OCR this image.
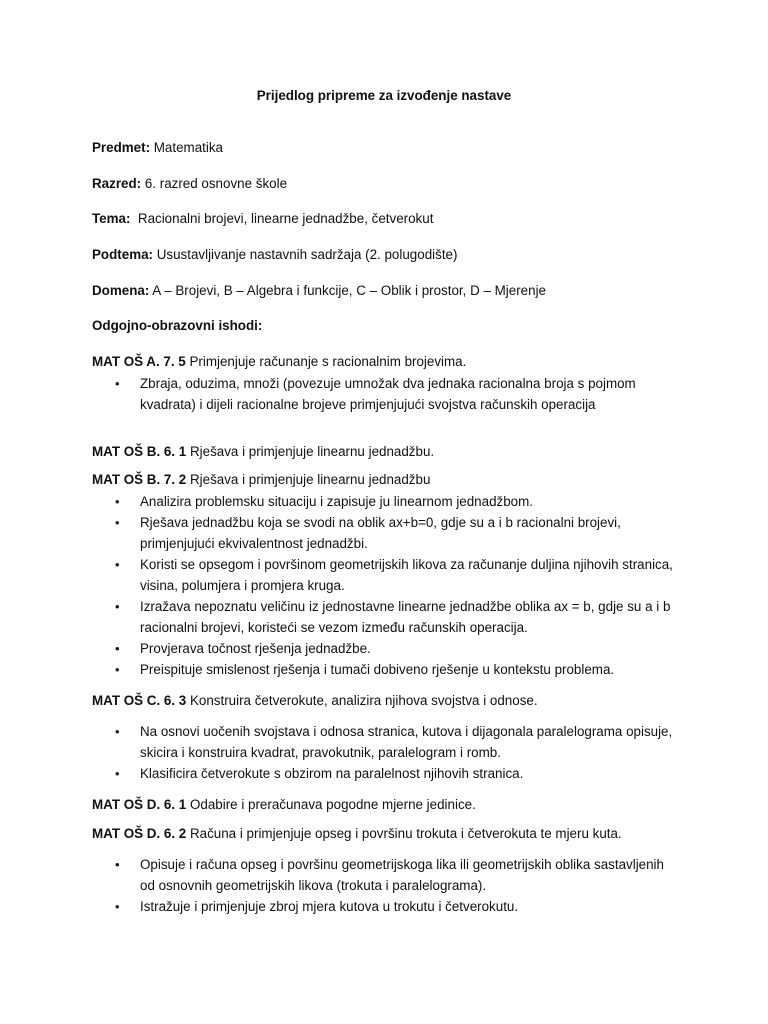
Prijedlog pripreme za izvođenje nastave
Predmet: Matematika
Razred: 6. razred osnovne škole
Tema:  Racionalni brojevi, linearne jednadžbe, četverokut
Podtema: Usustavljivanje nastavnih sadržaja (2. polugodište)
Domena: A – Brojevi, B – Algebra i funkcije, C – Oblik i prostor, D – Mjerenje
Odgojno-obrazovni ishodi:
MAT OŠ A. 7. 5 Primjenjuje računanje s racionalnim brojevima.
• Zbraja, oduzima, množi (povezuje umnožak dva jednaka racionalna broja s pojmom kvadrata) i dijeli racionalne brojeve primjenjujući svojstva računskih operacija
MAT OŠ B. 6. 1 Rješava i primjenjuje linearnu jednadžbu.
MAT OŠ B. 7. 2 Rješava i primjenjuje linearnu jednadžbu
• Analizira problemsku situaciju i zapisuje ju linearnom jednadžbom.
• Rješava jednadžbu koja se svodi na oblik ax+b=0, gdje su a i b racionalni brojevi, primjenjujući ekvivalentnost jednadžbi.
• Koristi se opsegom i površinom geometrijskih likova za računanje duljina njihovih stranica, visina, polumjera i promjera kruga.
• Izražava nepoznatu veličinu iz jednostavne linearne jednadžbe oblika ax = b, gdje su a i b racionalni brojevi, koristeći se vezom između računskih operacija.
• Provjerava točnost rješenja jednadžbe.
• Preispituje smislenost rješenja i tumači dobiveno rješenje u kontekstu problema.
MAT OŠ C. 6. 3 Konstruira četverokute, analizira njihova svojstva i odnose.
• Na osnovi uočenih svojstava i odnosa stranica, kutova i dijagonala paralelograma opisuje, skicira i konstruira kvadrat, pravokutnik, paralelogram i romb.
• Klasificira četverokute s obzirom na paralelnost njihovih stranica.
MAT OŠ D. 6. 1 Odabire i preračunava pogodne mjerne jedinice.
MAT OŠ D. 6. 2 Računa i primjenjuje opseg i površinu trokuta i četverokuta te mjeru kuta.
• Opisuje i računa opseg i površinu geometrijskoga lika ili geometrijskih oblika sastavljenih od osnovnih geometrijskih likova (trokuta i paralelograma).
• Istražuje i primjenjuje zbroj mjera kutova u trokutu i četverokutu.
